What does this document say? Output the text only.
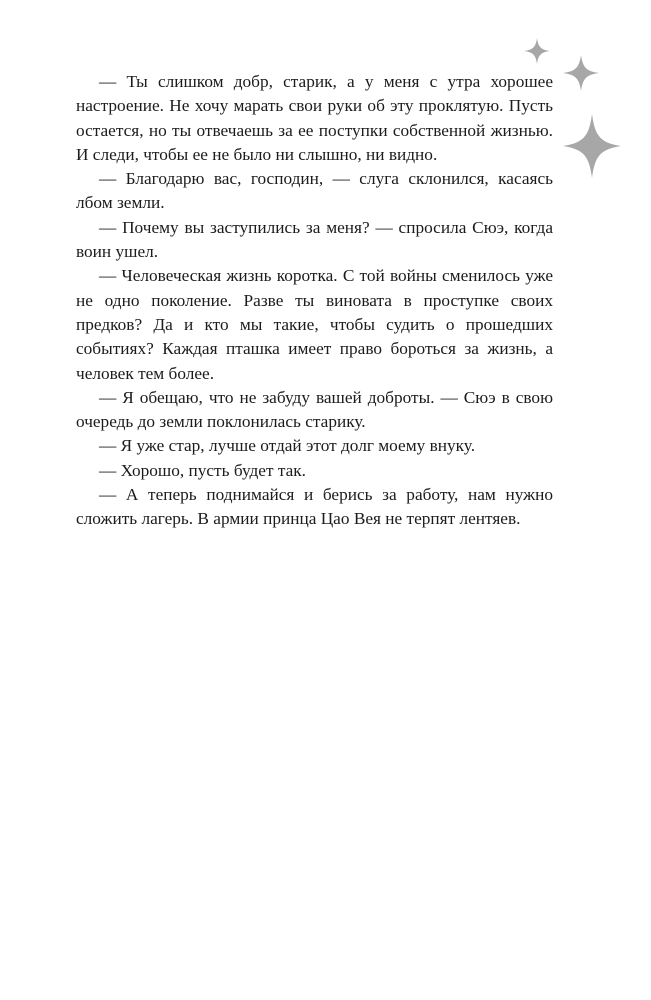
— Ты слишком добр, старик, а у меня с утра хорошее настроение. Не хочу марать свои руки об эту проклятую. Пусть остается, но ты отвечаешь за ее поступки собственной жизнью. И следи, чтобы ее не было ни слышно, ни видно.

— Благодарю вас, господин, — слуга склонился, касаясь лбом земли.

— Почему вы заступились за меня? — спросила Сюэ, когда воин ушел.

— Человеческая жизнь коротка. С той войны сменилось уже не одно поколение. Разве ты виновата в проступке своих предков? Да и кто мы такие, чтобы судить о прошедших событиях? Каждая пташка имеет право бороться за жизнь, а человек тем более.

— Я обещаю, что не забуду вашей доброты. — Сюэ в свою очередь до земли поклонилась старику.

— Я уже стар, лучше отдай этот долг моему внуку.

— Хорошо, пусть будет так.

— А теперь поднимайся и берись за работу, нам нужно сложить лагерь. В армии принца Цао Вея не терпят лентяев.
